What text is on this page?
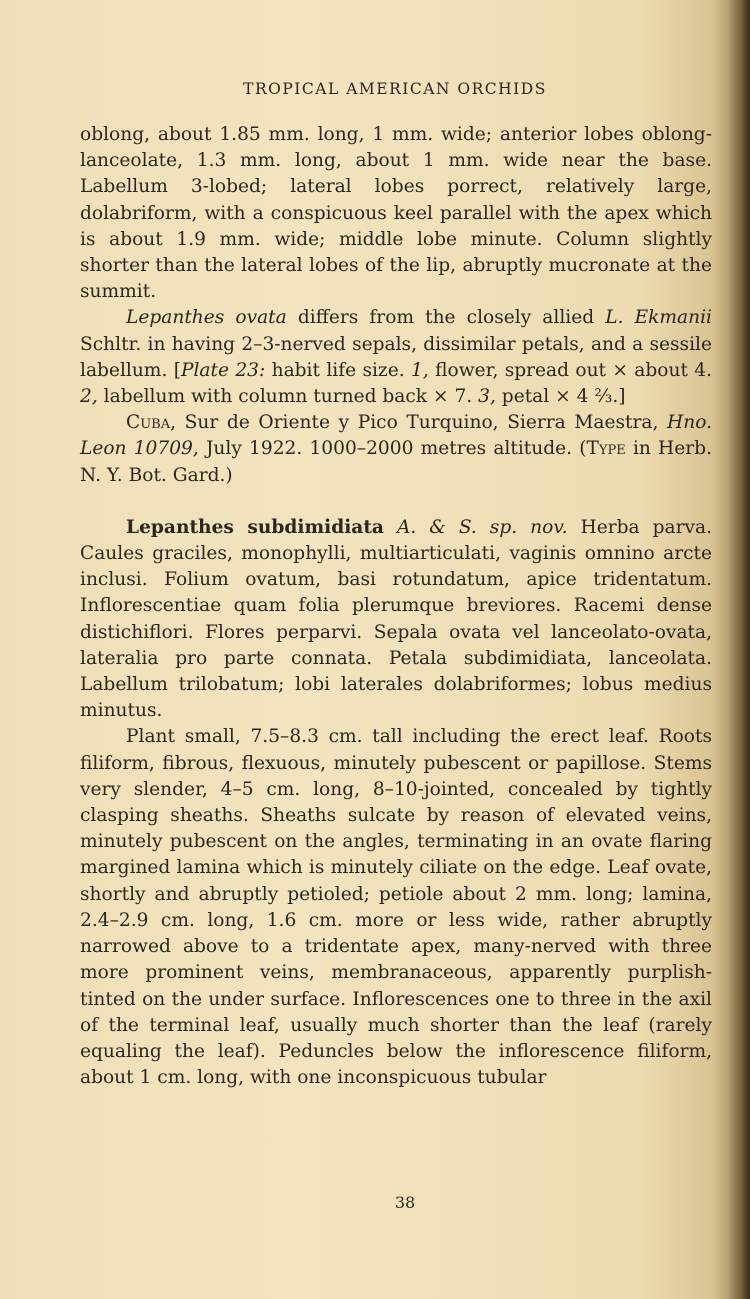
TROPICAL AMERICAN ORCHIDS

oblong, about 1.85 mm. long, 1 mm. wide; anterior lobes oblong-lanceolate, 1.3 mm. long, about 1 mm. wide near the base. Labellum 3-lobed; lateral lobes porrect, relatively large, dolabriform, with a conspicuous keel parallel with the apex which is about 1.9 mm. wide; middle lobe minute. Column slightly shorter than the lateral lobes of the lip, abruptly mucronate at the summit.

Lepanthes ovata differs from the closely allied L. Ekmanii Schltr. in having 2–3-nerved sepals, dissimilar petals, and a sessile labellum. [Plate 23: habit life size. 1, flower, spread out × about 4. 2, labellum with column turned back × 7. 3, petal × 4 ⅔.]

Cuba, Sur de Oriente y Pico Turquino, Sierra Maestra, Hno. Leon 10709, July 1922. 1000–2000 metres altitude. (Type in Herb. N. Y. Bot. Gard.)

Lepanthes subdimidiata A. & S. sp. nov. Herba parva. Caules graciles, monophylli, multiarticulati, vaginis omnino arcte inclusi. Folium ovatum, basi rotundatum, apice tridentatum. Inflorescentiae quam folia plerumque breviores. Racemi dense distichiflori. Flores perparvi. Sepala ovata vel lanceolato-ovata, lateralia pro parte connata. Petala subdimidiata, lanceolata. Labellum trilobatum; lobi laterales dolabriformes; lobus medius minutus.

Plant small, 7.5–8.3 cm. tall including the erect leaf. Roots filiform, fibrous, flexuous, minutely pubescent or papillose. Stems very slender, 4–5 cm. long, 8–10-jointed, concealed by tightly clasping sheaths. Sheaths sulcate by reason of elevated veins, minutely pubescent on the angles, terminating in an ovate flaring margined lamina which is minutely ciliate on the edge. Leaf ovate, shortly and abruptly petioled; petiole about 2 mm. long; lamina, 2.4–2.9 cm. long, 1.6 cm. more or less wide, rather abruptly narrowed above to a tridentate apex, many-nerved with three more prominent veins, membranaceous, apparently purplish-tinted on the under surface. Inflorescences one to three in the axil of the terminal leaf, usually much shorter than the leaf (rarely equaling the leaf). Peduncles below the inflorescence filiform, about 1 cm. long, with one inconspicuous tubular

38
